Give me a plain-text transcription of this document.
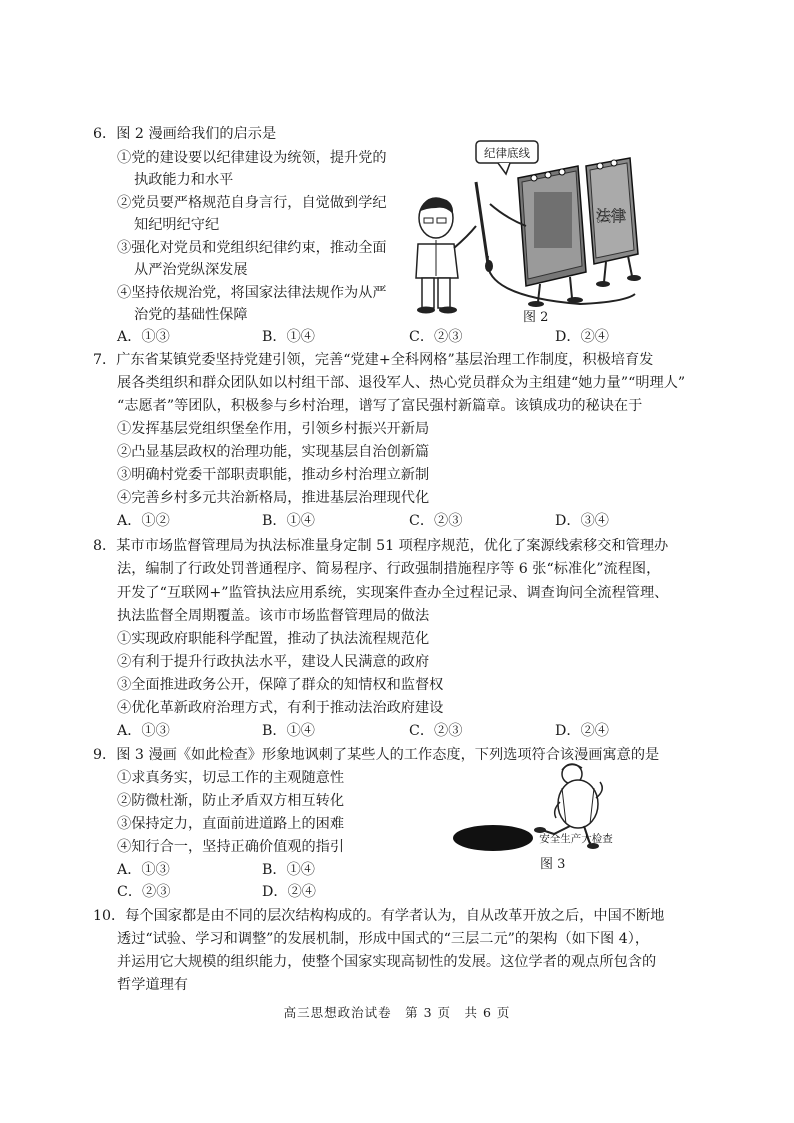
6．图 2 漫画给我们的启示是
①党的建设要以纪律建设为统领，提升党的
执政能力和水平
②党员要严格规范自身言行，自觉做到学纪
知纪明纪守纪
③强化对党员和党组织纪律约束，推动全面
从严治党纵深发展
④坚持依规治党，将国家法律法规作为从严
治党的基础性保障
A．①③	B．①④	C．②③	D．②④
纪律底线
法律
图 2
7．广东省某镇党委坚持党建引领，完善“党建+全科网格”基层治理工作制度，积极培育发
展各类组织和群众团队如以村组干部、退役军人、热心党员群众为主组建“她力量”“明理人”
“志愿者”等团队，积极参与乡村治理，谱写了富民强村新篇章。该镇成功的秘诀在于
①发挥基层党组织堡垒作用，引领乡村振兴开新局
②凸显基层政权的治理功能，实现基层自治创新篇
③明确村党委干部职责职能，推动乡村治理立新制
④完善乡村多元共治新格局，推进基层治理现代化
A．①②	B．①④	C．②③	D．③④
8．某市市场监督管理局为执法标准量身定制 51 项程序规范，优化了案源线索移交和管理办
法，编制了行政处罚普通程序、简易程序、行政强制措施程序等 6 张“标准化”流程图，
开发了“互联网+”监管执法应用系统，实现案件查办全过程记录、调查询问全流程管理、
执法监督全周期覆盖。该市市场监督管理局的做法
①实现政府职能科学配置，推动了执法流程规范化
②有利于提升行政执法水平，建设人民满意的政府
③全面推进政务公开，保障了群众的知情权和监督权
④优化革新政府治理方式，有利于推动法治政府建设
A．①③	B．①④	C．②③	D．②④
9．图 3 漫画《如此检查》形象地讽刺了某些人的工作态度，下列选项符合该漫画寓意的是
①求真务实，切忌工作的主观随意性
②防微杜渐，防止矛盾双方相互转化
③保持定力，直面前进道路上的困难
④知行合一，坚持正确价值观的指引
A．①③	B．①④
C．②③	D．②④
安全生产大检查
图 3
10．每个国家都是由不同的层次结构构成的。有学者认为，自从改革开放之后，中国不断地
透过“试验、学习和调整”的发展机制，形成中国式的“三层二元”的架构（如下图 4），
并运用它大规模的组织能力，使整个国家实现高韧性的发展。这位学者的观点所包含的
哲学道理有
高三思想政治试卷　第 3 页　共 6 页
